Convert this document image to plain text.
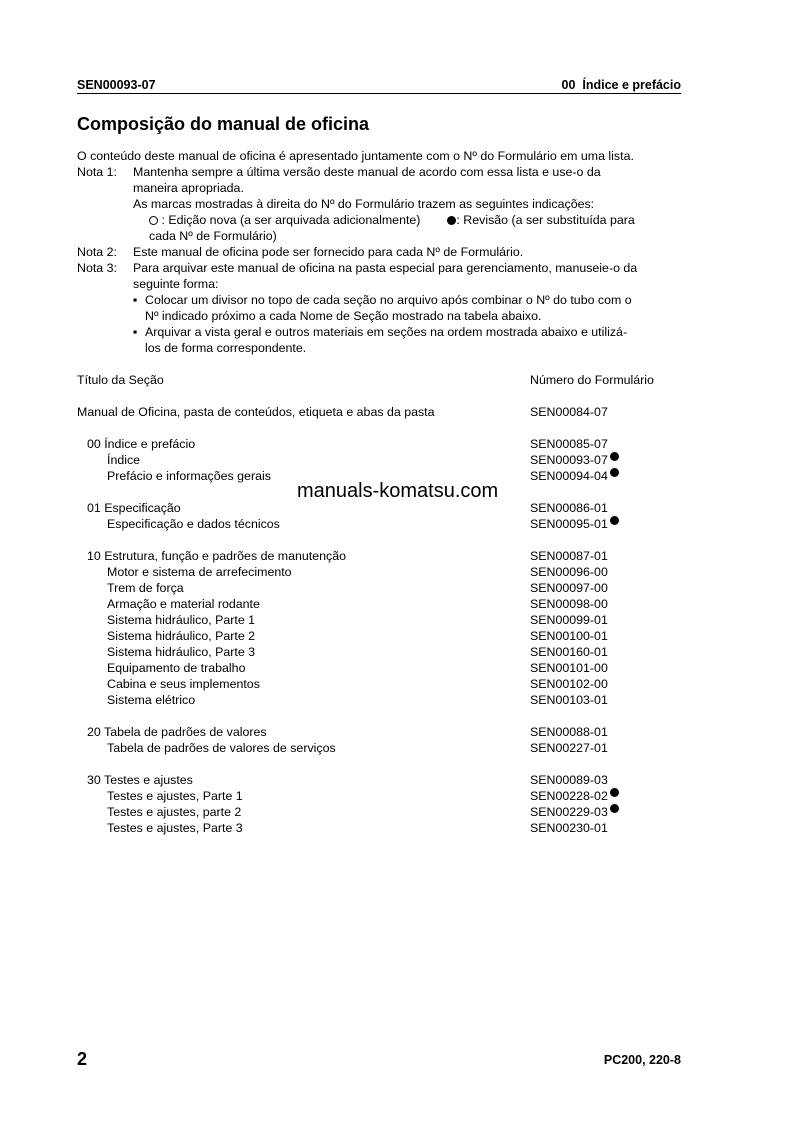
SEN00093-07	00  Índice e prefácio
Composição do manual de oficina
O conteúdo deste manual de oficina é apresentado juntamente com o Nº do Formulário em uma lista.
Nota 1:	Mantenha sempre a última versão deste manual de acordo com essa lista e use-o da
maneira apropriada.
As marcas mostradas à direita do Nº do Formulário trazem as seguintes indicações:
: Edição nova (a ser arquivada adicionalmente)	: Revisão (a ser substituída para
cada Nº de Formulário)
Nota 2:	Este manual de oficina pode ser fornecido para cada Nº de Formulário.
Nota 3:	Para arquivar este manual de oficina na pasta especial para gerenciamento, manuseie-o da
seguinte forma:
▪ Colocar um divisor no topo de cada seção no arquivo após combinar o Nº do tubo com o
Nº indicado próximo a cada Nome de Seção mostrado na tabela abaixo.
▪ Arquivar a vista geral e outros materiais em seções na ordem mostrada abaixo e utilizá-
los de forma correspondente.
Título da Seção	Número do Formulário
Manual de Oficina, pasta de conteúdos, etiqueta e abas da pasta	SEN00084-07
00 Índice e prefácio	SEN00085-07
Índice	SEN00093-07
Prefácio e informações gerais	SEN00094-04
01 Especificação	SEN00086-01
Especificação e dados técnicos	SEN00095-01
10 Estrutura, função e padrões de manutenção	SEN00087-01
Motor e sistema de arrefecimento	SEN00096-00
Trem de força	SEN00097-00
Armação e material rodante	SEN00098-00
Sistema hidráulico, Parte 1	SEN00099-01
Sistema hidráulico, Parte 2	SEN00100-01
Sistema hidráulico, Parte 3	SEN00160-01
Equipamento de trabalho	SEN00101-00
Cabina e seus implementos	SEN00102-00
Sistema elétrico	SEN00103-01
20 Tabela de padrões de valores	SEN00088-01
Tabela de padrões de valores de serviços	SEN00227-01
30 Testes e ajustes	SEN00089-03
Testes e ajustes, Parte 1	SEN00228-02
Testes e ajustes, parte 2	SEN00229-03
Testes e ajustes, Parte 3	SEN00230-01
manuals-komatsu.com
2	PC200, 220-8
